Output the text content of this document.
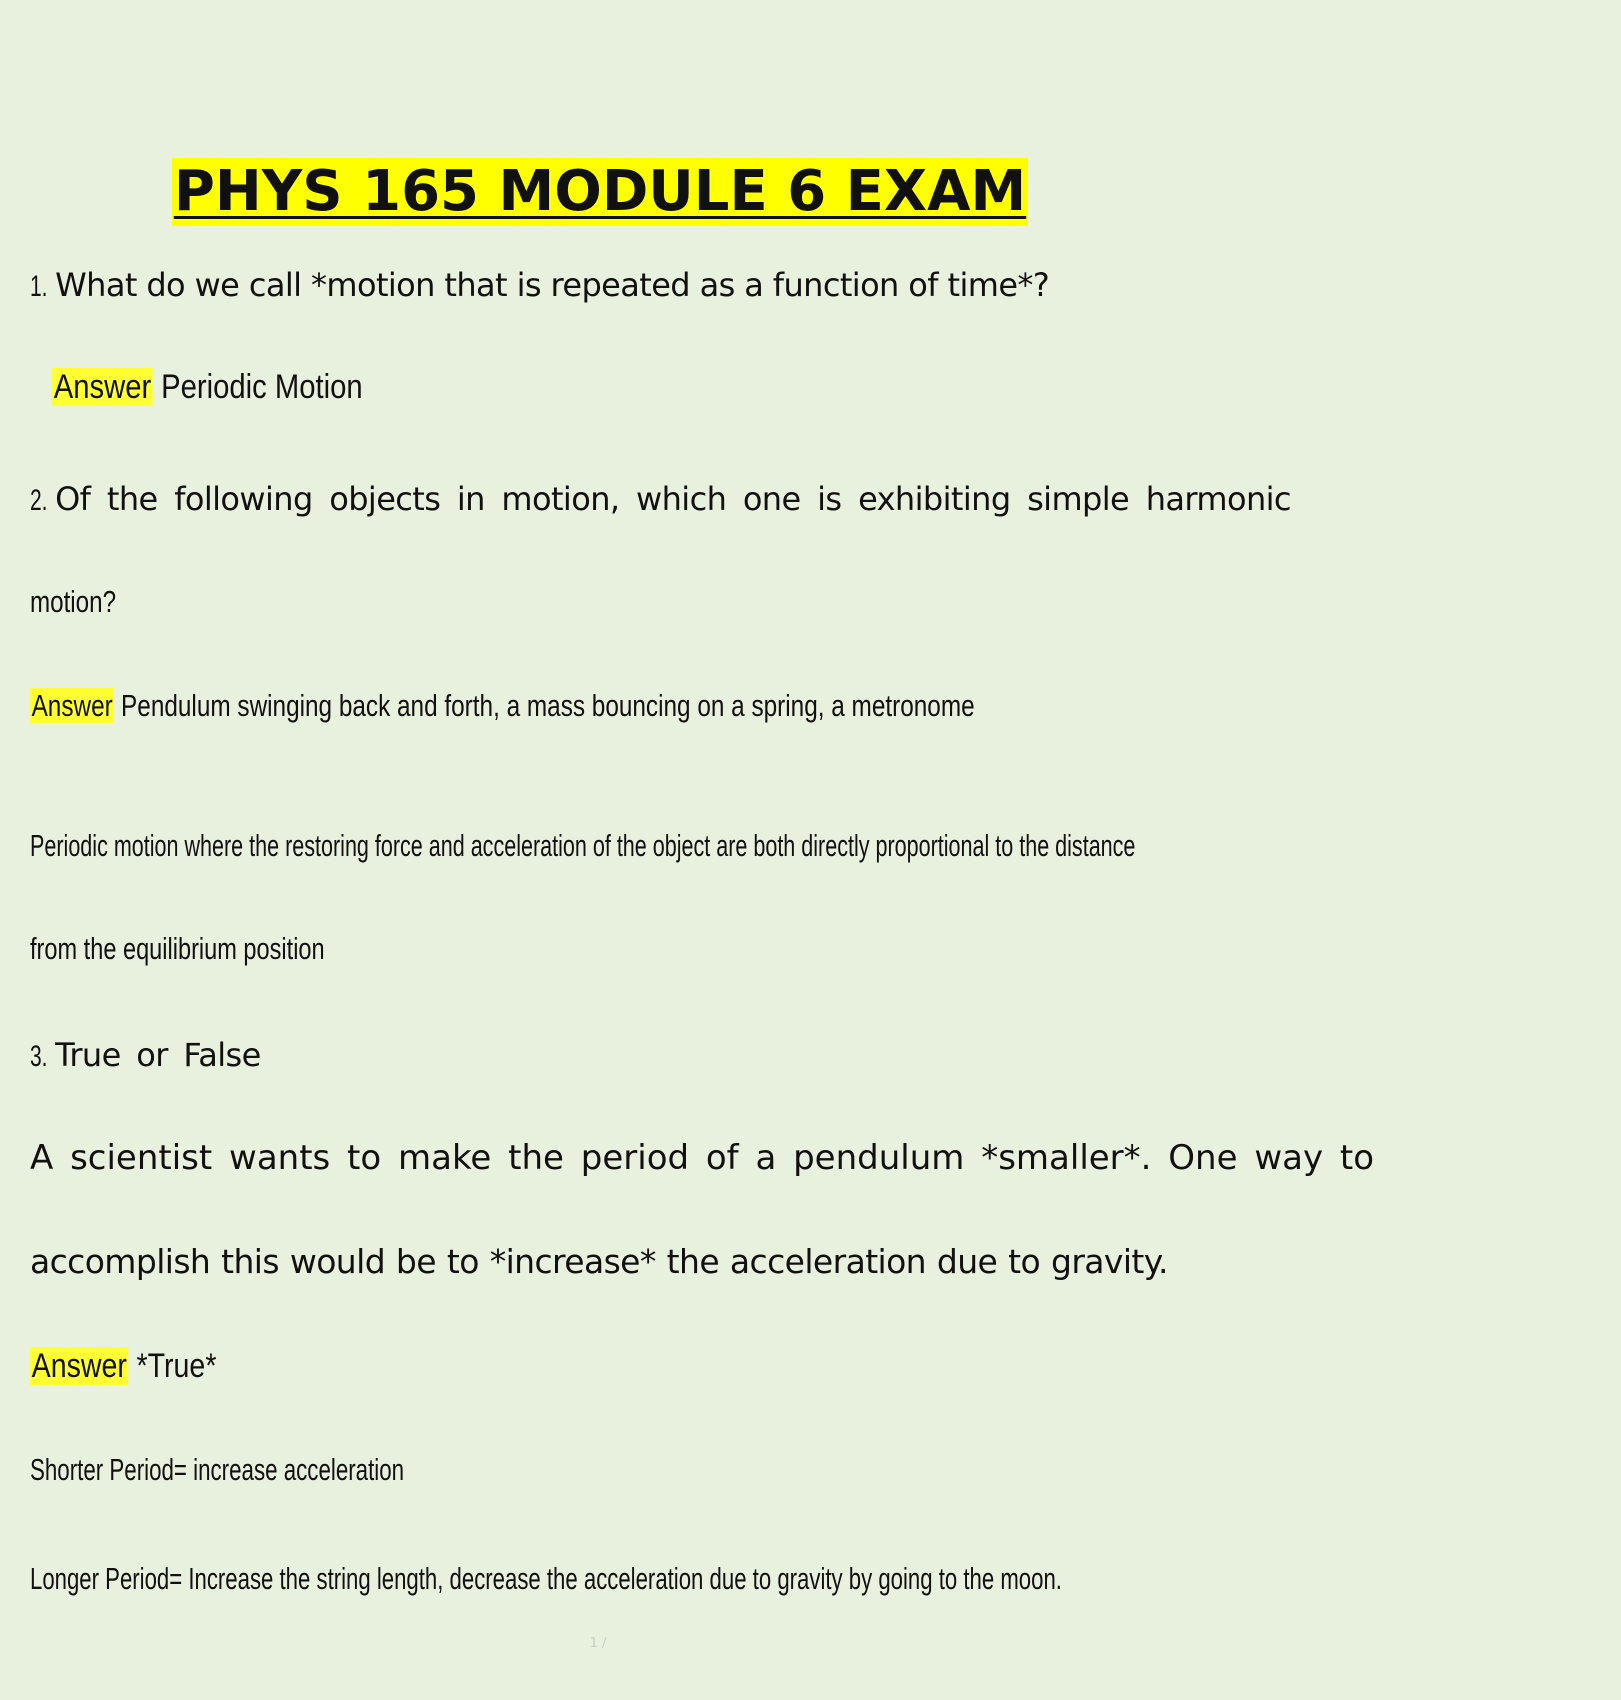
PHYS 165 MODULE 6 EXAM
1. What do we call *motion that is repeated as a function of time*?
Answer Periodic Motion
2. Of the following objects in motion, which one is exhibiting simple harmonic
motion?
Answer Pendulum swinging back and forth, a mass bouncing on a spring, a metronome
Periodic motion where the restoring force and acceleration of the object are both directly proportional to the distance
from the equilibrium position
3. True or False
A scientist wants to make the period of a pendulum *smaller*. One way to
accomplish this would be to *increase* the acceleration due to gravity.
Answer *True*
Shorter Period= increase acceleration
Longer Period= Increase the string length, decrease the acceleration due to gravity by going to the moon.
1 /
